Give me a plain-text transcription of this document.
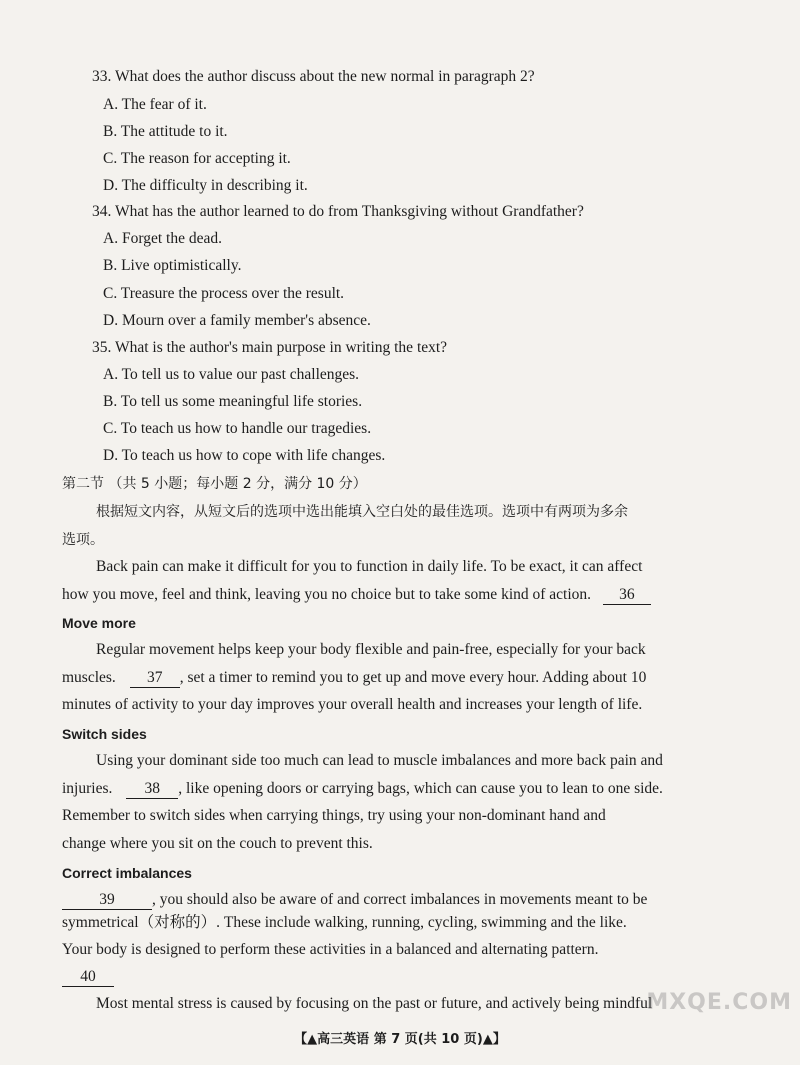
33. What does the author discuss about the new normal in paragraph 2?
A. The fear of it.
B. The attitude to it.
C. The reason for accepting it.
D. The difficulty in describing it.
34. What has the author learned to do from Thanksgiving without Grandfather?
A. Forget the dead.
B. Live optimistically.
C. Treasure the process over the result.
D. Mourn over a family member's absence.
35. What is the author's main purpose in writing the text?
A. To tell us to value our past challenges.
B. To tell us some meaningful life stories.
C. To teach us how to handle our tragedies.
D. To teach us how to cope with life changes.
第二节 （共 5 小题；每小题 2 分，满分 10 分）
根据短文内容，从短文后的选项中选出能填入空白处的最佳选项。选项中有两项为多余
选项。
Back pain can make it difficult for you to function in daily life. To be exact, it can affect
how you move, feel and think, leaving you no choice but to take some kind of action. 36
Move more
Regular movement helps keep your body flexible and pain-free, especially for your back
muscles. 37 , set a timer to remind you to get up and move every hour. Adding about 10
minutes of activity to your day improves your overall health and increases your length of life.
Switch sides
Using your dominant side too much can lead to muscle imbalances and more back pain and
injuries. 38 , like opening doors or carrying bags, which can cause you to lean to one side.
Remember to switch sides when carrying things, try using your non-dominant hand and
change where you sit on the couch to prevent this.
Correct imbalances
39 , you should also be aware of and correct imbalances in movements meant to be
symmetrical（对称的）. These include walking, running, cycling, swimming and the like.
Your body is designed to perform these activities in a balanced and alternating pattern.
40
Most mental stress is caused by focusing on the past or future, and actively being mindful
【▲高三英语 第 7 页(共 10 页)▲】
MXQE.COM
